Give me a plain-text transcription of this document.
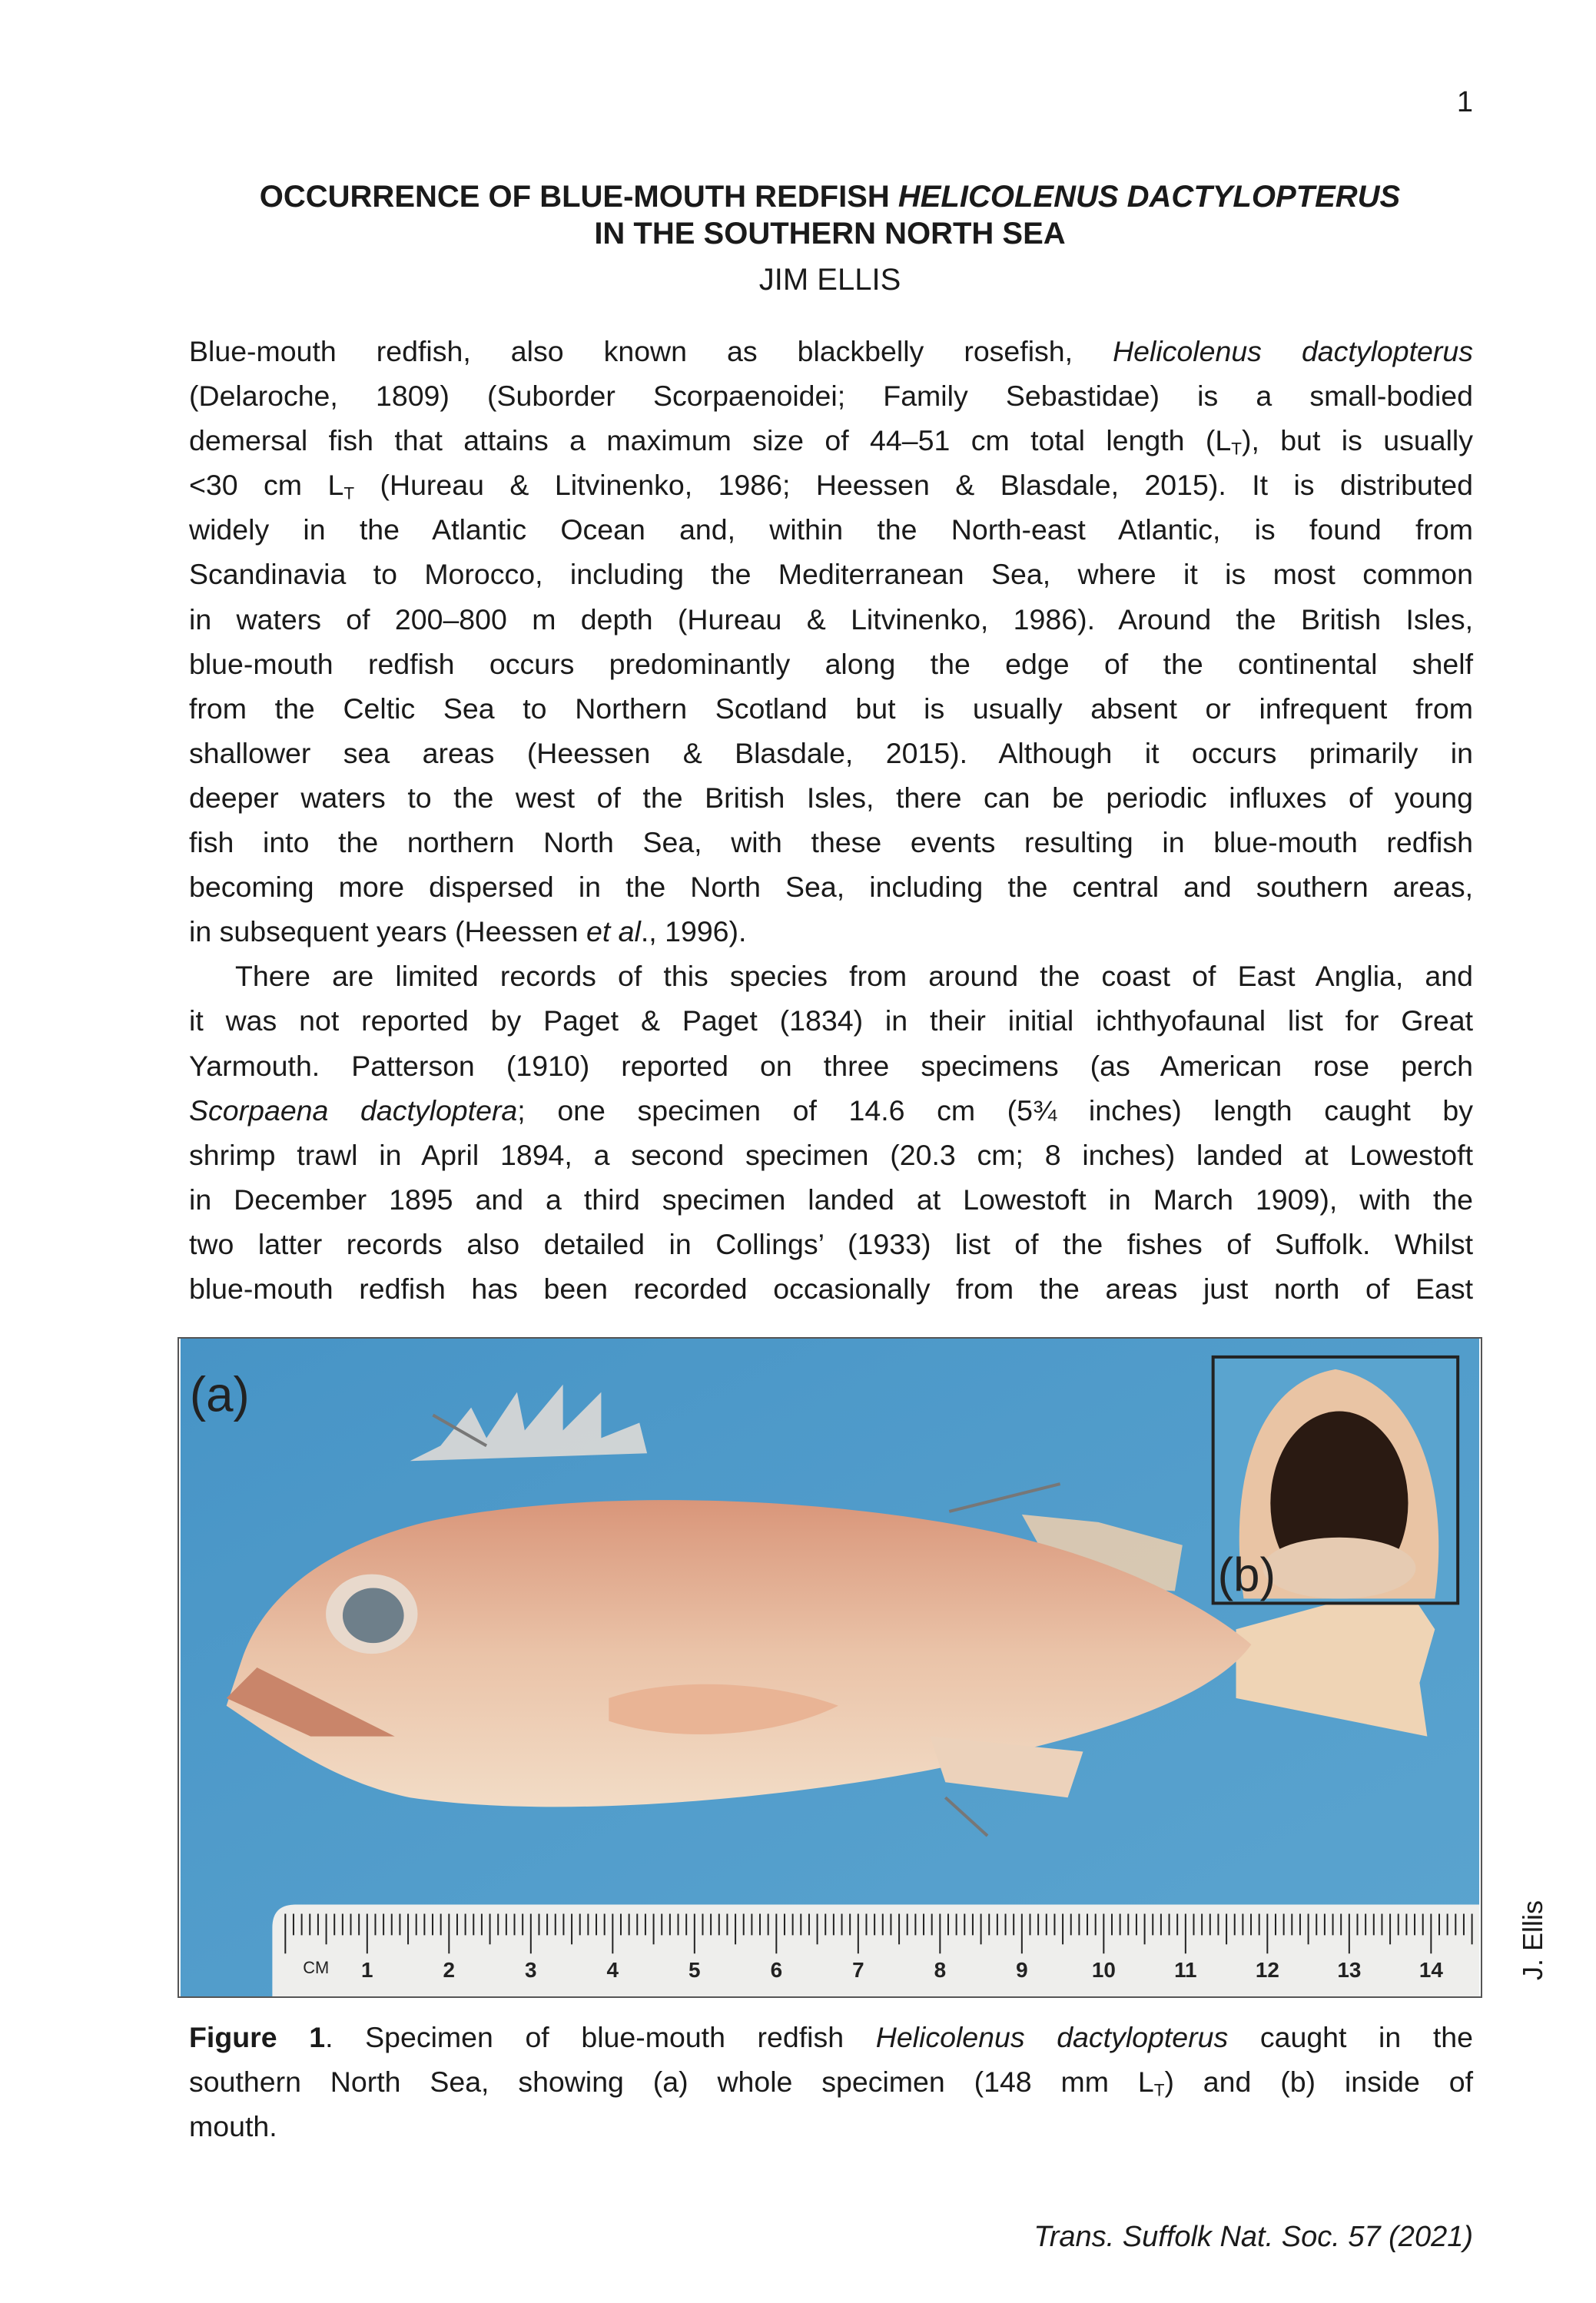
1
OCCURRENCE OF BLUE-MOUTH REDFISH HELICOLENUS DACTYLOPTERUS
IN THE SOUTHERN NORTH SEA
JIM ELLIS
Blue-mouth redfish, also known as blackbelly rosefish, Helicolenus dactylopterus
(Delaroche, 1809) (Suborder Scorpaenoidei; Family Sebastidae) is a small-bodied
demersal fish that attains a maximum size of 44–51 cm total length $(L_T)$, but is usually
<30 cm $L_T$ (Hureau & Litvinenko, 1986; Heessen & Blasdale, 2015). It is distributed
widely in the Atlantic Ocean and, within the North-east Atlantic, is found from
Scandinavia to Morocco, including the Mediterranean Sea, where it is most common
in waters of 200–800 m depth (Hureau & Litvinenko, 1986). Around the British Isles,
blue-mouth redfish occurs predominantly along the edge of the continental shelf
from the Celtic Sea to Northern Scotland but is usually absent or infrequent from
shallower sea areas (Heessen & Blasdale, 2015). Although it occurs primarily in
deeper waters to the west of the British Isles, there can be periodic influxes of young
fish into the northern North Sea, with these events resulting in blue-mouth redfish
becoming more dispersed in the North Sea, including the central and southern areas,
in subsequent years (Heessen et al., 1996).
There are limited records of this species from around the coast of East Anglia, and
it was not reported by Paget & Paget (1834) in their initial ichthyofaunal list for Great
Yarmouth. Patterson (1910) reported on three specimens (as American rose perch
Scorpaena dactyloptera; one specimen of 14.6 cm (5¾ inches) length caught by
shrimp trawl in April 1894, a second specimen (20.3 cm; 8 inches) landed at Lowestoft
in December 1895 and a third specimen landed at Lowestoft in March 1909), with the
two latter records also detailed in Collings’ (1933) list of the fishes of Suffolk. Whilst
blue-mouth redfish has been recorded occasionally from the areas just north of East
(a)
(b)
CM 1	2	3	4	5	6	7	8	9	10	11	12	13	14	J. Ellis
Figure 1. Specimen of blue-mouth redfish Helicolenus dactylopterus caught in the
southern North Sea, showing (a) whole specimen (148 mm $L_T$) and (b) inside of
mouth.
Trans. Suffolk Nat. Soc. 57 (2021)
